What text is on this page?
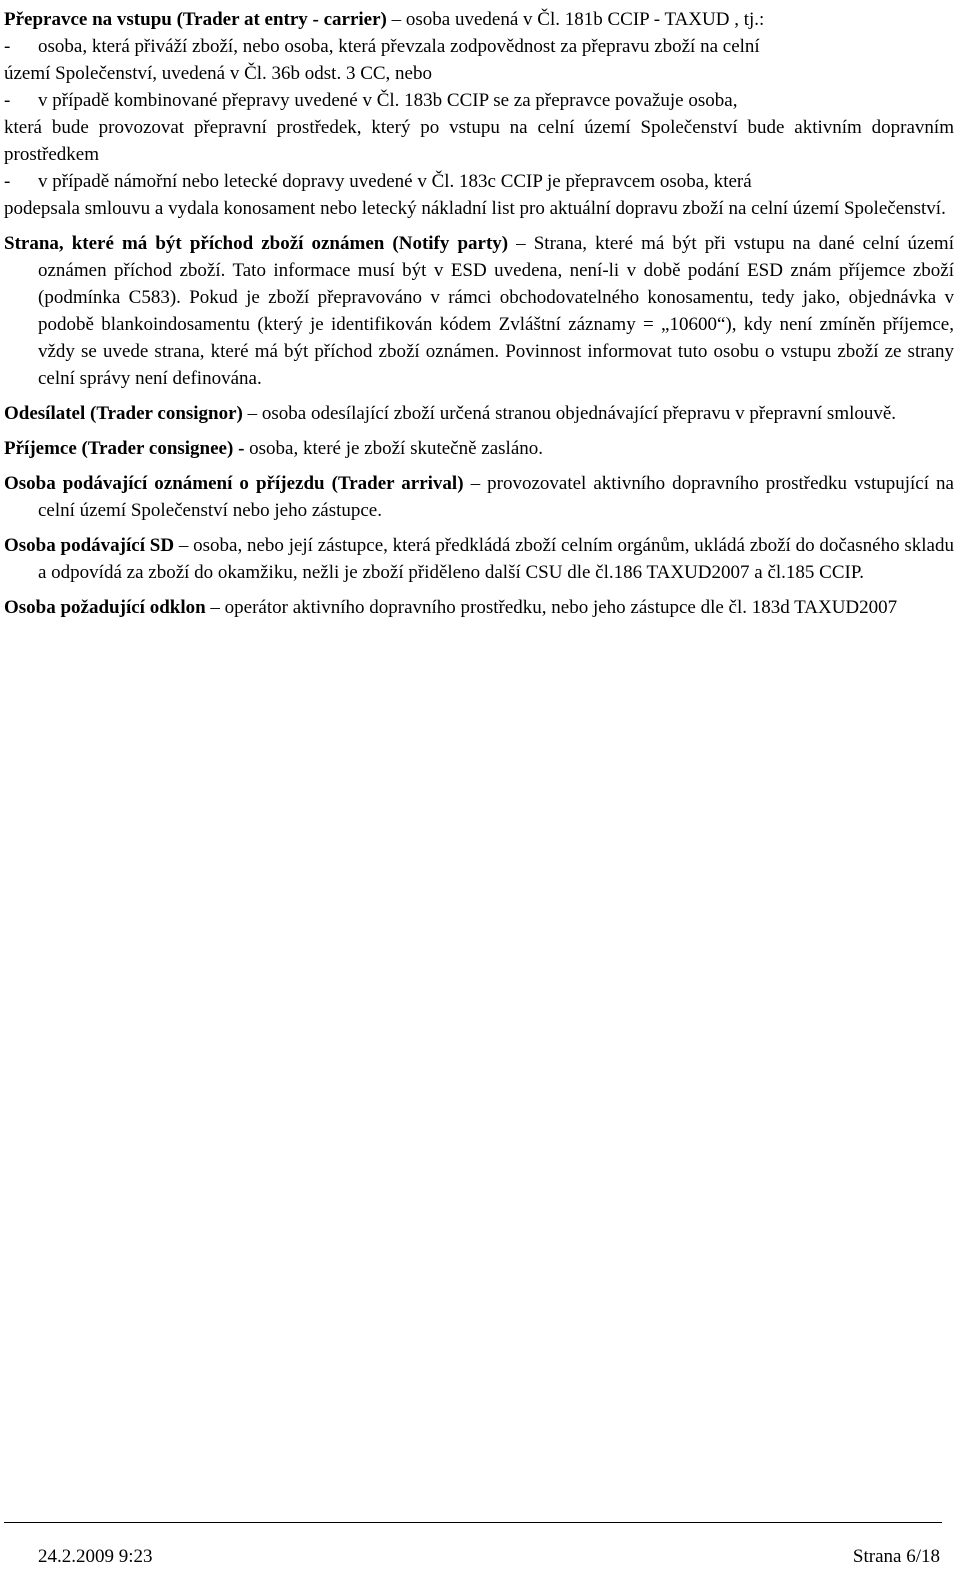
Přepravce na vstupu (Trader at entry - carrier) – osoba uvedená v Čl. 181b CCIP - TAXUD , tj.:
-	osoba, která přiváží zboží, nebo osoba, která převzala zodpovědnost za přepravu zboží na celní
území Společenství, uvedená v Čl. 36b odst. 3 CC, nebo
-	v případě kombinované přepravy uvedené v Čl. 183b CCIP se za přepravce považuje osoba,
která bude provozovat přepravní prostředek, který po vstupu na celní území Společenství bude aktivním dopravním prostředkem
-	v případě námořní nebo letecké dopravy uvedené v Čl. 183c CCIP je přepravcem osoba, která
podepsala smlouvu a vydala konosament nebo letecký nákladní list pro aktuální dopravu zboží na celní území Společenství.
Strana, které má být příchod zboží oznámen (Notify party) – Strana, které má být při vstupu na dané celní území oznámen příchod zboží. Tato informace musí být v ESD uvedena, není-li v době podání ESD znám příjemce zboží (podmínka C583). Pokud je zboží přepravováno v rámci obchodovatelného konosamentu, tedy jako, objednávka v podobě blankoindosamentu (který je identifikován kódem Zvláštní záznamy = „10600“), kdy není zmíněn příjemce, vždy se uvede strana, které má být příchod zboží oznámen. Povinnost informovat tuto osobu o vstupu zboží ze strany celní správy není definována.
Odesílatel (Trader consignor) – osoba odesílající zboží určená stranou objednávající přepravu v přepravní smlouvě.
Příjemce (Trader consignee) - osoba, které je zboží skutečně zasláno.
Osoba podávající oznámení o příjezdu (Trader arrival) – provozovatel aktivního dopravního prostředku vstupující na celní území Společenství nebo jeho zástupce.
Osoba podávající SD – osoba, nebo její zástupce, která předkládá zboží celním orgánům, ukládá zboží do dočasného skladu a odpovídá za zboží do okamžiku, nežli je zboží přiděleno další CSU dle čl.186 TAXUD2007 a čl.185 CCIP.
Osoba požadující odklon – operátor aktivního dopravního prostředku, nebo jeho zástupce dle čl. 183d TAXUD2007
24.2.2009 9:23	Strana 6/18
